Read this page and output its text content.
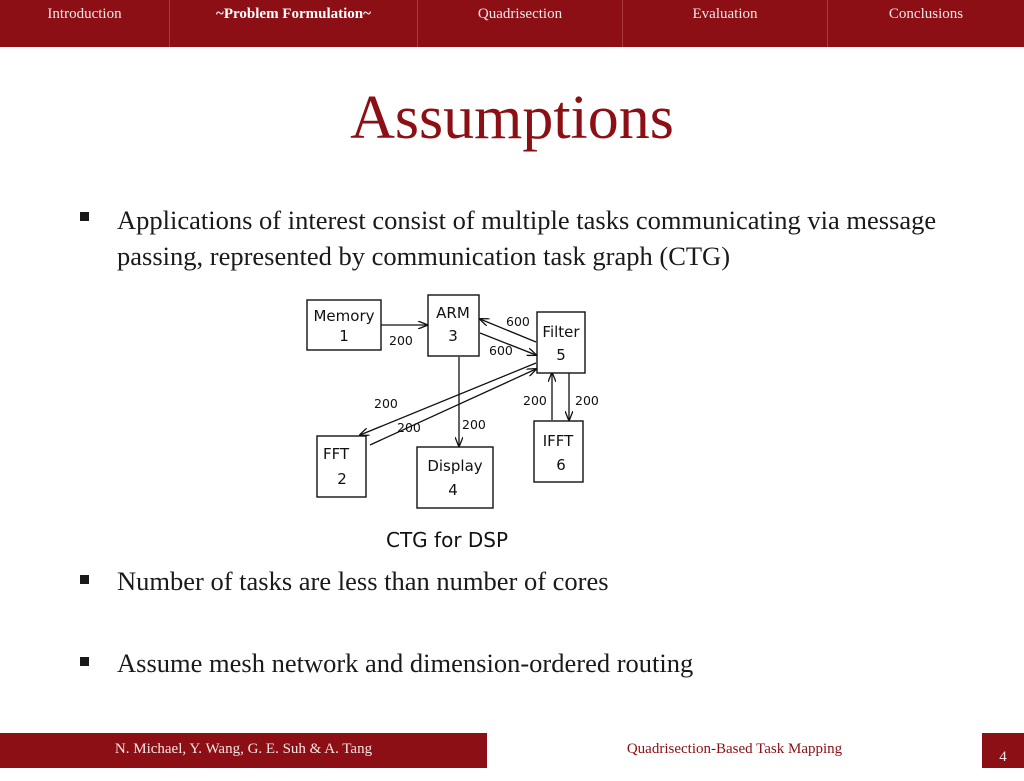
Introduction	~Problem Formulation~	Quadrisection	Evaluation	Conclusions
Assumptions
Applications of interest consist of multiple tasks communicating via message passing, represented by communication task graph (CTG)
200
600
600
200
200	200
200 200
Memory
1
ARM
3	Filter
5
FFT
2
Display
4
IFFT
6
CTG for DSP
Number of tasks are less than number of cores
Assume mesh network and dimension-ordered routing
N. Michael, Y. Wang, G. E. Suh & A. Tang	Quadrisection-Based Task Mapping	4
